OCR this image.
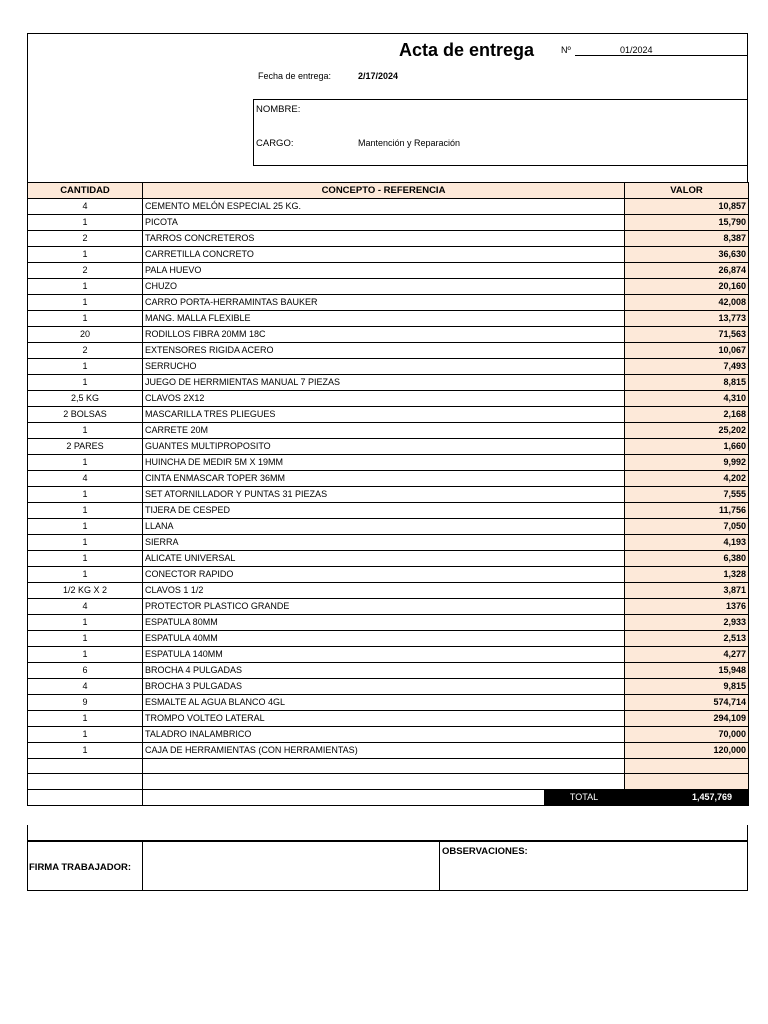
Acta de entrega	Nº	01/2024
Fecha de entrega:	2/17/2024
NOMBRE:
CARGO:	Mantención y Reparación
CANTIDAD	CONCEPTO - REFERENCIA	VALOR
4	CEMENTO MELÓN ESPECIAL 25 KG.	10,857
1	PICOTA	15,790
2	TARROS CONCRETEROS	8,387
1	CARRETILLA CONCRETO	36,630
2	PALA HUEVO	26,874
1	CHUZO	20,160
1	CARRO PORTA-HERRAMINTAS BAUKER	42,008
1	MANG. MALLA FLEXIBLE	13,773
20	RODILLOS FIBRA 20MM 18C	71,563
2	EXTENSORES RIGIDA ACERO	10,067
1	SERRUCHO	7,493
1	JUEGO DE HERRMIENTAS MANUAL 7 PIEZAS	8,815
2,5 KG	CLAVOS 2X12	4,310
2 BOLSAS	MASCARILLA TRES PLIEGUES	2,168
1	CARRETE 20M	25,202
2 PARES	GUANTES MULTIPROPOSITO	1,660
1	HUINCHA DE MEDIR 5M X 19MM	9,992
4	CINTA ENMASCAR TOPER 36MM	4,202
1	SET ATORNILLADOR Y PUNTAS 31 PIEZAS	7,555
1	TIJERA DE CESPED	11,756
1	LLANA	7,050
1	SIERRA	4,193
1	ALICATE UNIVERSAL	6,380
1	CONECTOR RAPIDO	1,328
1/2 KG X 2	CLAVOS 1 1/2	3,871
4	PROTECTOR PLASTICO GRANDE	1376
1	ESPATULA 80MM	2,933
1	ESPATULA 40MM	2,513
1	ESPATULA 140MM	4,277
6	BROCHA 4 PULGADAS	15,948
4	BROCHA 3 PULGADAS	9,815
9	ESMALTE AL AGUA BLANCO 4GL	574,714
1	TROMPO VOLTEO LATERAL	294,109
1	TALADRO INALAMBRICO	70,000
1	CAJA DE HERRAMIENTAS (CON HERRAMIENTAS)	120,000

	TOTAL	1,457,769
FIRMA TRABAJADOR:
OBSERVACIONES:
